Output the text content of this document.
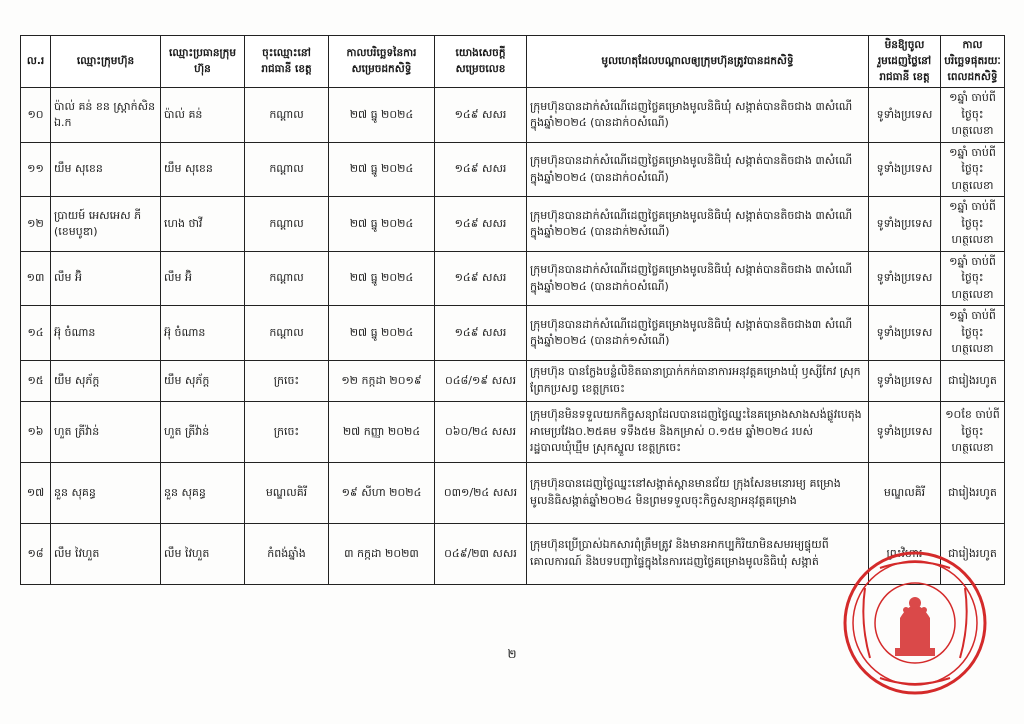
ល.រ	ឈ្មោះក្រុមហ៊ុន	ឈ្មោះប្រធានក្រុមហ៊ុន	ចុះឈ្មោះនៅរាជធានី ខេត្ត	កាលបរិច្ឆេទនៃការសម្រេចដកសិទ្ធិ	យោងសេចក្តីសម្រេចលេខ	មូលហេតុដែលបណ្តាលឲ្យក្រុមហ៊ុនត្រូវបានដកសិទ្ធិ	មិនឱ្យចូលរួមដេញថ្លៃនៅរាជធានី ខេត្ត	កាលបរិច្ឆេទផុតរយៈពេលដកសិទ្ធិ
១០	ប៉ាល់ គន់ ខន ស្ត្រាក់សិន ឯ.ក	ប៉ាល់ គន់	កណ្តាល	២៧ ធ្នូ ២០២៤	១៤៩ សសរ	ក្រុមហ៊ុនបានដាក់សំណើដេញថ្លៃគម្រោងមូលនិធិឃុំ សង្កាត់បានតិចជាង ៣សំណើក្នុងឆ្នាំ២០២៤ (បានដាក់០សំណើ)	ទូទាំងប្រទេស	១ឆ្នាំ ចាប់ពីថ្ងៃចុះហត្ថលេខា
១១	យឹម សុខេន	យឹម សុខេន	កណ្តាល	២៧ ធ្នូ ២០២៤	១៤៩ សសរ	ក្រុមហ៊ុនបានដាក់សំណើដេញថ្លៃគម្រោងមូលនិធិឃុំ សង្កាត់បានតិចជាង ៣សំណើក្នុងឆ្នាំ២០២៤ (បានដាក់០សំណើ)	ទូទាំងប្រទេស	១ឆ្នាំ ចាប់ពីថ្ងៃចុះហត្ថលេខា
១២	ប្រាយម៍ អេសអេស ភី (ខេមបូឌា)	ហេង ថាវី	កណ្តាល	២៧ ធ្នូ ២០២៤	១៤៩ សសរ	ក្រុមហ៊ុនបានដាក់សំណើដេញថ្លៃគម្រោងមូលនិធិឃុំ សង្កាត់បានតិចជាង ៣សំណើក្នុងឆ្នាំ២០២៤ (បានដាក់២សំណើ)	ទូទាំងប្រទេស	១ឆ្នាំ ចាប់ពីថ្ងៃចុះហត្ថលេខា
១៣	លឹម អ៊ិ	លឹម អ៊ិ	កណ្តាល	២៧ ធ្នូ ២០២៤	១៤៩ សសរ	ក្រុមហ៊ុនបានដាក់សំណើដេញថ្លៃគម្រោងមូលនិធិឃុំ សង្កាត់បានតិចជាង ៣សំណើក្នុងឆ្នាំ២០២៤ (បានដាក់០សំណើ)	ទូទាំងប្រទេស	១ឆ្នាំ ចាប់ពីថ្ងៃចុះហត្ថលេខា
១៤	អ៊ុ ចំណាន	អ៊ុ ចំណាន	កណ្តាល	២៧ ធ្នូ ២០២៤	១៤៩ សសរ	ក្រុមហ៊ុនបានដាក់សំណើដេញថ្លៃគម្រោងមូលនិធិឃុំ សង្កាត់បានតិចជាង៣ សំណើក្នុងឆ្នាំ២០២៤ (បានដាក់១សំណើ)	ទូទាំងប្រទេស	១ឆ្នាំ ចាប់ពីថ្ងៃចុះហត្ថលេខា
១៥	យឹម សុភ័ក្ត	យឹម សុភ័ក្ត	ក្រចេះ	១២ កក្កដា ២០១៩	០៤៨/១៩ សសរ	ក្រុមហ៊ុន បានក្លែងបន្លំលិខិតធានាប្រាក់កក់ធានាការអនុវត្តគម្រោងឃុំ ឫស្សីកែវ ស្រុកព្រែកប្រសព្វ ខេត្តក្រចេះ	ទូទាំងប្រទេស	ជារៀងរហូត
១៦	ហួត ត្រីវ៉ាន់	ហួត ត្រីវ៉ាន់	ក្រចេះ	២៧ កញ្ញា ២០២៤	០៦០/២៤ សសរ	ក្រុមហ៊ុនមិនទទួលយកកិច្ចសន្យាដែលបានដេញថ្លៃឈ្នះនៃគម្រោងសាងសង់ផ្លូវបេតុងអាមេប្រវែង០.២៥គម ទទឹង៥ម និងកម្រាស់ ០.១៥ម ឆ្នាំ២០២៤ របស់រដ្ឋបាលឃុំឃ្មឹម ស្រុកស្នួល ខេត្តក្រចេះ	ទូទាំងប្រទេស	១០ខែ ចាប់ពីថ្ងៃចុះហត្ថលេខា
១៧	នួន សុគន្ធ	នួន សុគន្ធ	មណ្ឌលគិរី	១៩ សីហា ២០២៤	០៣១/២៤ សសរ	ក្រុមហ៊ុនបានដេញថ្លៃឈ្នះនៅសង្កាត់ស្ពានមានជ័យ ក្រុងសែនមនោរម្យ គម្រោងមូលនិធិសង្កាត់ឆ្នាំ២០២៤ មិនព្រមទទួលចុះកិច្ចសន្យាអនុវត្តគម្រោង	មណ្ឌលគិរី	ជារៀងរហូត
១៨	លឹម វៃហួត	លឹម វៃហួត	កំពង់ឆ្នាំង	៣ កក្កដា ២០២៣	០៤៩/២៣ សសរ	ក្រុមហ៊ុនប្រើប្រាស់ឯកសារពុំត្រឹមត្រូវ និងមានអាកប្បកិរិយាមិនសមរម្យផ្ទុយពីគោលការណ៍ និងបទបញ្ជាផ្ទៃក្នុងនៃការដេញថ្លៃគម្រោងមូលនិធិឃុំ សង្កាត់	ព្រះវិហារ	ជារៀងរហូត
២
